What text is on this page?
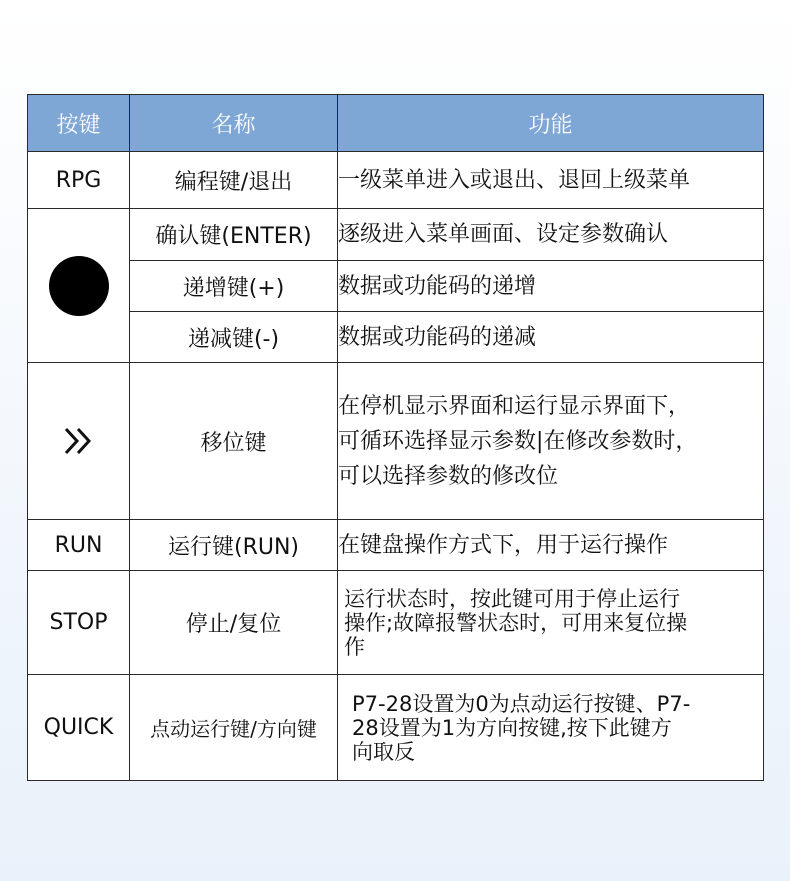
按键	名称	功能
RPG	编程键/退出	一级菜单进入或退出、退回上级菜单
	确认键(ENTER)	逐级进入菜单画面、设定参数确认
	递增键(+)	数据或功能码的递增
	递减键(-)	数据或功能码的递减
	移位键	在停机显示界面和运行显示界面下，
可循环选择显示参数|在修改参数时，
可以选择参数的修改位

RUN	运行键(RUN)	在键盘操作方式下，用于运行操作
STOP	停止/复位	运行状态时，按此键可用于停止运行
操作;故障报警状态时，可用来复位操
作

QUICK	点动运行键/方向键	P7-28设置为0为点动运行按键、P7-
28设置为1为方向按键,按下此键方
向取反
